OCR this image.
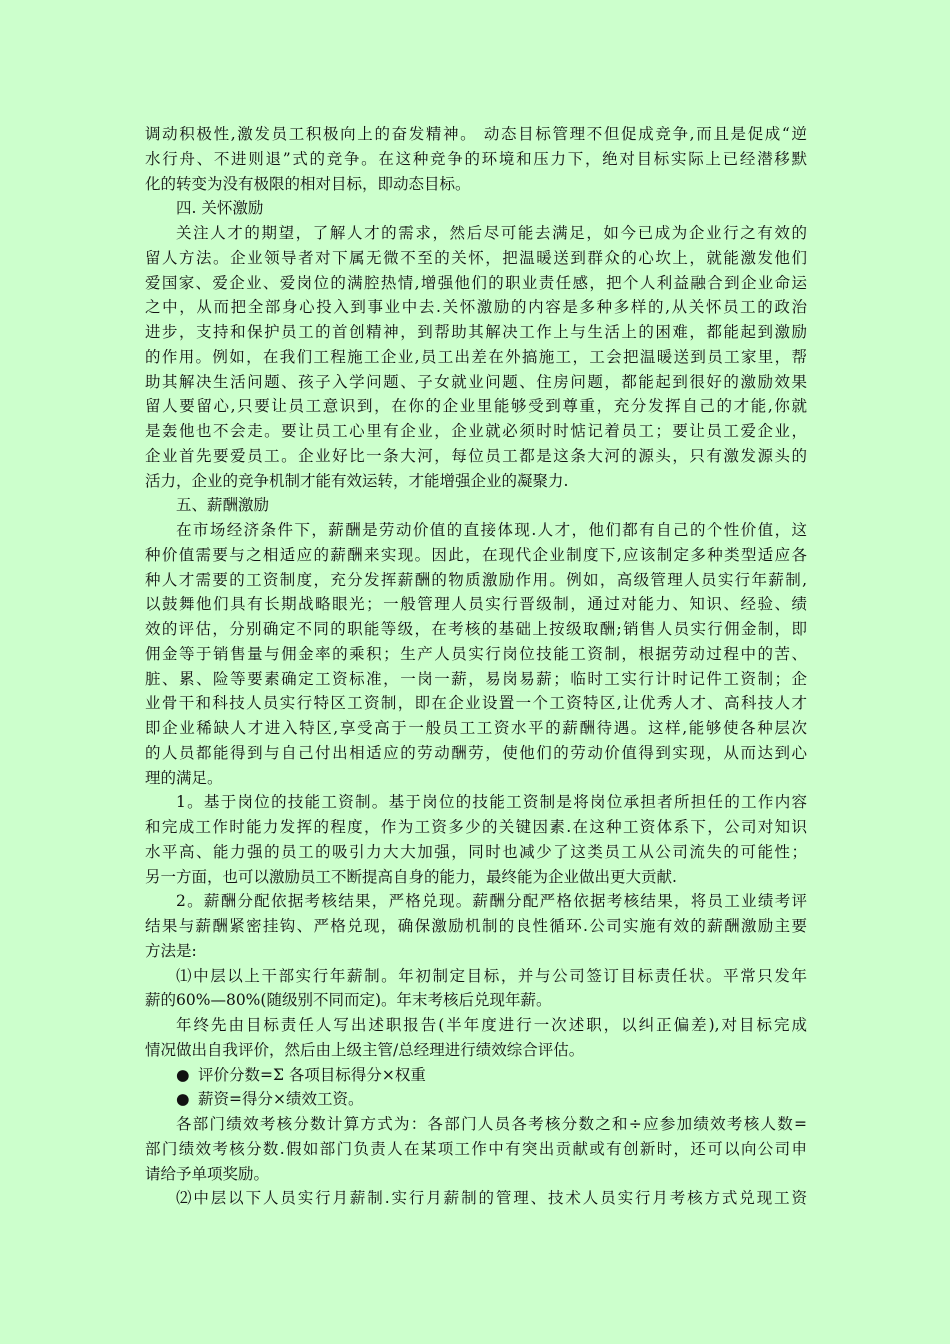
调动积极性,激发员工积极向上的奋发精神。 动态目标管理不但促成竞争,而且是促成“逆
水行舟、不进则退”式的竞争。在这种竞争的环境和压力下，绝对目标实际上已经潜移默
化的转变为没有极限的相对目标，即动态目标。
四. 关怀激励
关注人才的期望，了解人才的需求，然后尽可能去满足，如今已成为企业行之有效的
留人方法。企业领导者对下属无微不至的关怀，把温暖送到群众的心坎上，就能激发他们
爱国家、爱企业、爱岗位的满腔热情,增强他们的职业责任感，把个人利益融合到企业命运
之中，从而把全部身心投入到事业中去.关怀激励的内容是多种多样的,从关怀员工的政治
进步，支持和保护员工的首创精神，到帮助其解决工作上与生活上的困难，都能起到激励
的作用。例如，在我们工程施工企业,员工出差在外搞施工，工会把温暖送到员工家里，帮
助其解决生活问题、孩子入学问题、子女就业问题、住房问题，都能起到很好的激励效果
留人要留心,只要让员工意识到，在你的企业里能够受到尊重，充分发挥自己的才能,你就
是轰他也不会走。要让员工心里有企业，企业就必须时时惦记着员工；要让员工爱企业，
企业首先要爱员工。企业好比一条大河，每位员工都是这条大河的源头，只有激发源头的
活力，企业的竞争机制才能有效运转，才能增强企业的凝聚力.
五、薪酬激励
在市场经济条件下，薪酬是劳动价值的直接体现.人才，他们都有自己的个性价值，这
种价值需要与之相适应的薪酬来实现。因此，在现代企业制度下,应该制定多种类型适应各
种人才需要的工资制度，充分发挥薪酬的物质激励作用。例如，高级管理人员实行年薪制,
以鼓舞他们具有长期战略眼光；一般管理人员实行晋级制，通过对能力、知识、经验、绩
效的评估，分别确定不同的职能等级，在考核的基础上按级取酬;销售人员实行佣金制，即
佣金等于销售量与佣金率的乘积；生产人员实行岗位技能工资制，根据劳动过程中的苦、
脏、累、险等要素确定工资标准，一岗一薪，易岗易薪；临时工实行计时记件工资制；企
业骨干和科技人员实行特区工资制，即在企业设置一个工资特区,让优秀人才、高科技人才
即企业稀缺人才进入特区,享受高于一般员工工资水平的薪酬待遇。这样,能够使各种层次
的人员都能得到与自己付出相适应的劳动酬劳，使他们的劳动价值得到实现，从而达到心
理的满足。
1。基于岗位的技能工资制。基于岗位的技能工资制是将岗位承担者所担任的工作内容
和完成工作时能力发挥的程度，作为工资多少的关键因素.在这种工资体系下，公司对知识
水平高、能力强的员工的吸引力大大加强，同时也减少了这类员工从公司流失的可能性；
另一方面，也可以激励员工不断提高自身的能力，最终能为企业做出更大贡献.
2。薪酬分配依据考核结果，严格兑现。薪酬分配严格依据考核结果，将员工业绩考评
结果与薪酬紧密挂钩、严格兑现，确保激励机制的良性循环.公司实施有效的薪酬激励主要
方法是:
⑴中层以上干部实行年薪制。年初制定目标，并与公司签订目标责任状。平常只发年
薪的60%—80%(随级别不同而定)。年末考核后兑现年薪。
年终先由目标责任人写出述职报告(半年度进行一次述职，以纠正偏差),对目标完成
情况做出自我评价，然后由上级主管/总经理进行绩效综合评估。
● 评价分数=Σ 各项目标得分×权重
● 薪资=得分×绩效工资。
各部门绩效考核分数计算方式为：各部门人员各考核分数之和÷应参加绩效考核人数=
部门绩效考核分数.假如部门负责人在某项工作中有突出贡献或有创新时，还可以向公司申
请给予单项奖励。
⑵中层以下人员实行月薪制.实行月薪制的管理、技术人员实行月考核方式兑现工资
